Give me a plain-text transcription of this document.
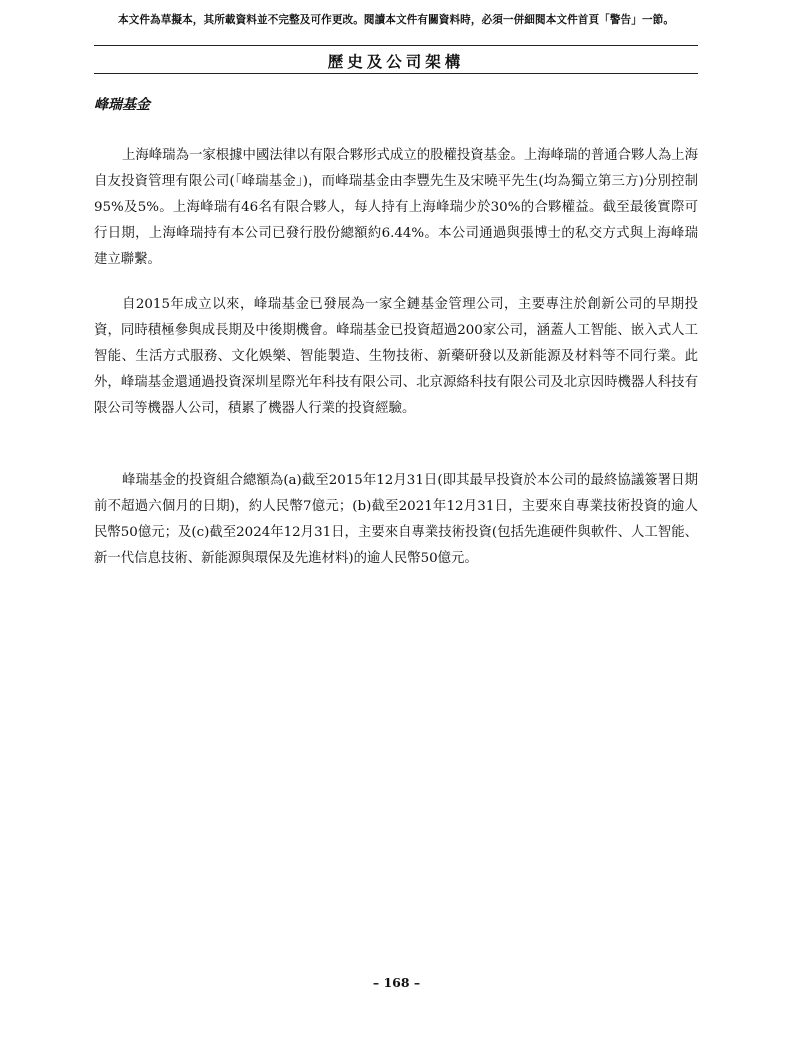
本文件為草擬本，其所載資料並不完整及可作更改。閱讀本文件有關資料時，必須一併細閱本文件首頁「警告」一節。
歷史及公司架構
峰瑞基金

上海峰瑞為一家根據中國法律以有限合夥形式成立的股權投資基金。上海峰瑞的普通合夥人為上海自友投資管理有限公司(「峰瑞基金」)，而峰瑞基金由李豐先生及宋曉平先生(均為獨立第三方)分別控制95%及5%。上海峰瑞有46名有限合夥人，每人持有上海峰瑞少於30%的合夥權益。截至最後實際可行日期，上海峰瑞持有本公司已發行股份總額約6.44%。本公司通過與張博士的私交方式與上海峰瑞建立聯繫。

自2015年成立以來，峰瑞基金已發展為一家全鏈基金管理公司，主要專注於創新公司的早期投資，同時積極參與成長期及中後期機會。峰瑞基金已投資超過200家公司，涵蓋人工智能、嵌入式人工智能、生活方式服務、文化娛樂、智能製造、生物技術、新藥研發以及新能源及材料等不同行業。此外，峰瑞基金還通過投資深圳星際光年科技有限公司、北京源絡科技有限公司及北京因時機器人科技有限公司等機器人公司，積累了機器人行業的投資經驗。

峰瑞基金的投資組合總額為(a)截至2015年12月31日(即其最早投資於本公司的最終協議簽署日期前不超過六個月的日期)，約人民幣7億元；(b)截至2021年12月31日，主要來自專業技術投資的逾人民幣50億元；及(c)截至2024年12月31日，主要來自專業技術投資(包括先進硬件與軟件、人工智能、新一代信息技術、新能源與環保及先進材料)的逾人民幣50億元。

– 168 –
